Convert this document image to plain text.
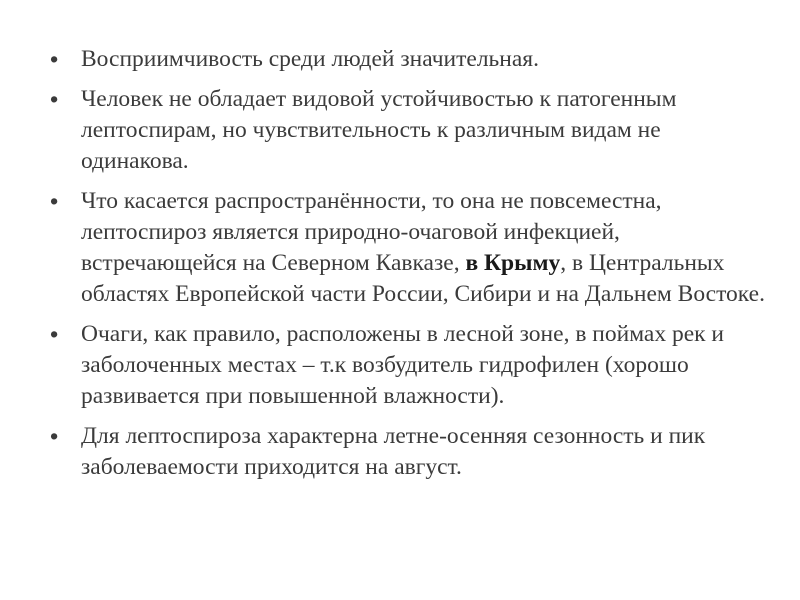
• Восприимчивость среди людей значительная.
• Человек не обладает видовой устойчивостью к патогенным лептоспирам, но чувствительность к различным видам не одинакова.
• Что касается распространённости, то она не повсеместна, лептоспироз является природно-очаговой инфекцией, встречающейся на Северном Кавказе, в Крыму, в Центральных областях Европейской части России, Сибири и на Дальнем Востоке.
• Очаги, как правило, расположены в лесной зоне, в поймах рек и заболоченных местах – т.к возбудитель гидрофилен (хорошо развивается при повышенной влажности).
• Для лептоспироза характерна летне-осенняя сезонность и пик заболеваемости приходится на август.
